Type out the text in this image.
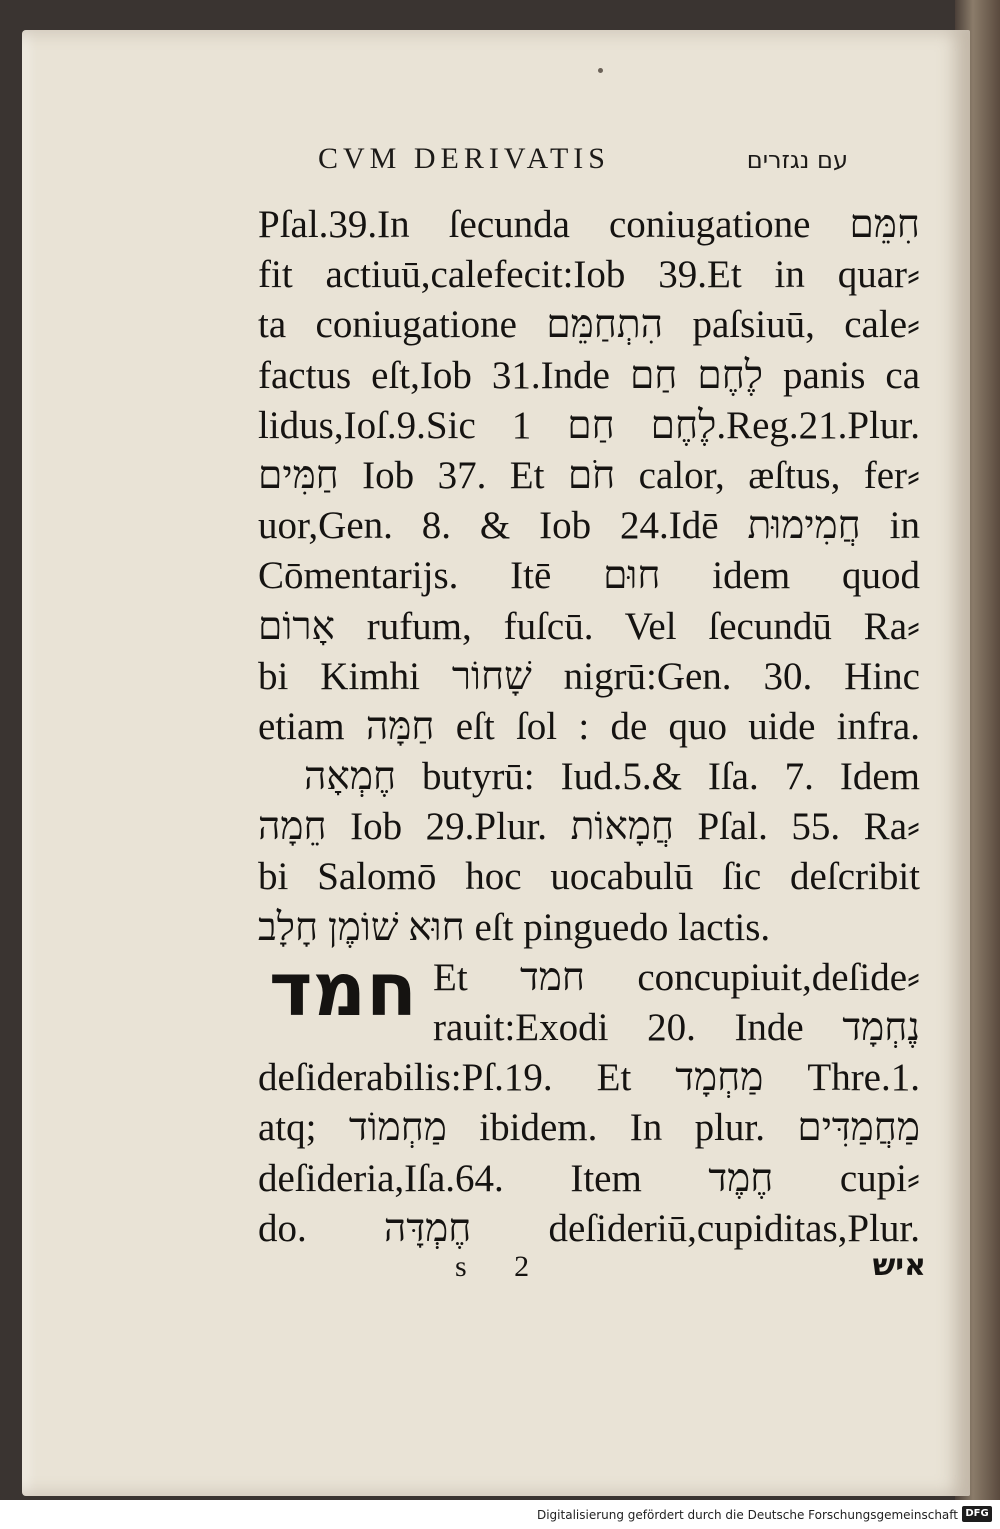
CVM DERIVATIS	עם נגזרים
Pſal.39.In ſecunda coniugatione חִמֵּם
fit actiuū,calefecit:Iob 39.Et in quar⸗
ta coniugatione הִתְחַמֵּם paſsiuū, cale⸗
factus eſt,Iob 31.Inde לֶחֶם חַם panis ca
lidus,Ioſ.9.Sic לֶחֶם חַם 1.Reg.21.Plur.
חַמִּים Iob 37. Et חֹם calor, æſtus, fer⸗
uor,Gen. 8. & Iob 24.Idē חֲמִימוּת in
Cōmentarijs. Itē חוּם idem quod
אָרוֹם rufum, fuſcū. Vel ſecundū Ra⸗
bi Kimhi שָׁחוֹר nigrū:Gen. 30. Hinc
etiam חַמָּה eſt ſol : de quo uide infra.
חֶמְאָה butyrū: Iud.5.& Iſa. 7. Idem
חֵמָה Iob 29.Plur. חֲמָאוֹת Pſal. 55. Ra⸗
bi Salomō hoc uocabulū ſic deſcribit
חוּא שׁוֹמֶן חָלָב eſt pinguedo lactis.
Et חמד concupiuit,deſide⸗
rauit:Exodi 20. Inde נֶחְמָד
deſiderabilis:Pſ.19. Et מַחְמָד Thre.1.
atq; מַחְמוֹד ibidem. In plur. מַחֲמַדִּים
deſideria,Iſa.64. Item חֶמֶד cupi⸗
do. חֶמְדָּה deſideriū,cupiditas,Plur.
חמד
s 2	איש
Digitalisierung gefördert durch die Deutsche Forschungsgemeinschaft DFG
